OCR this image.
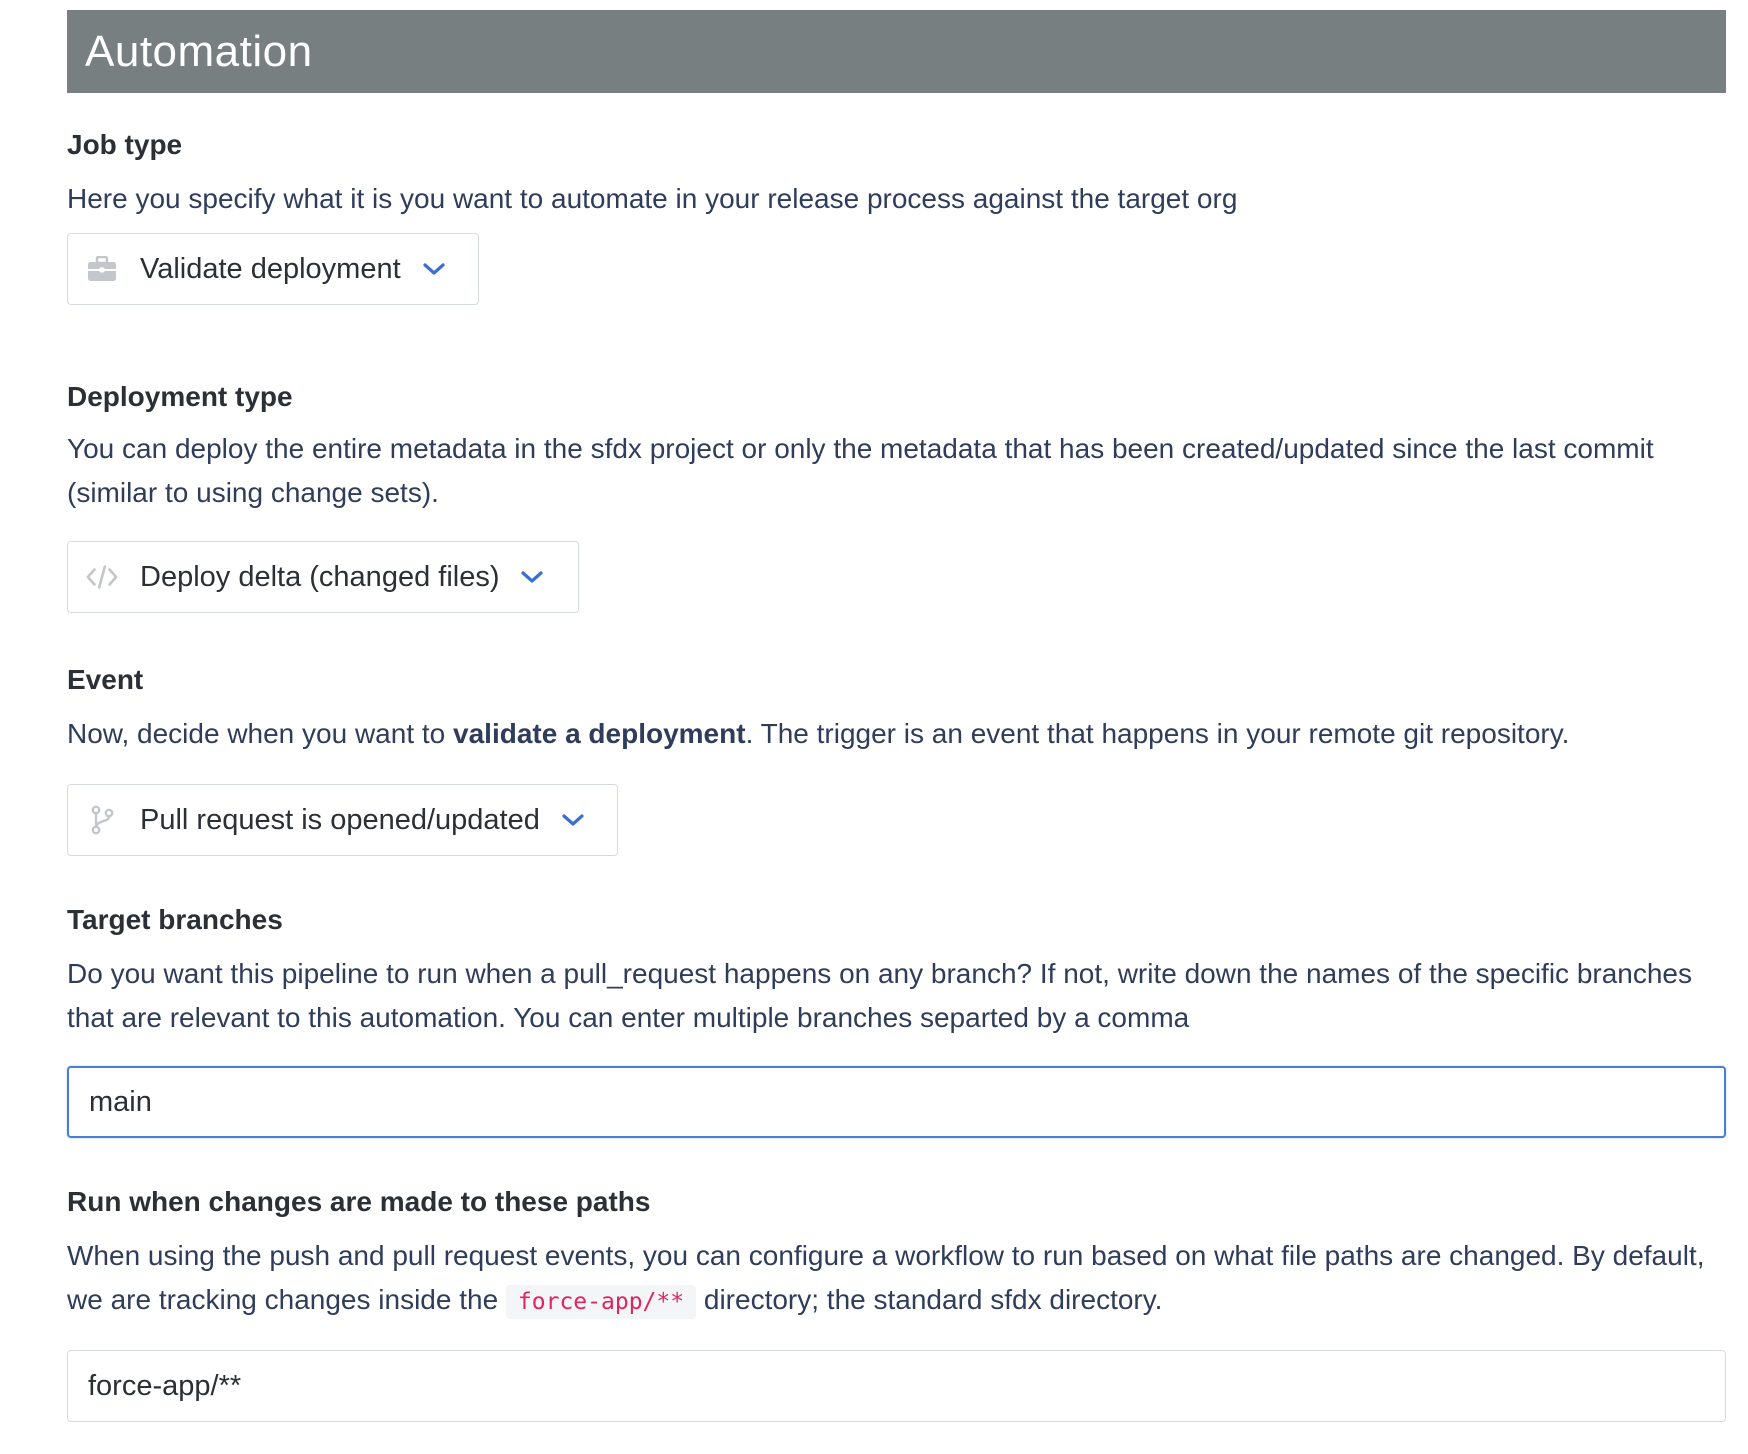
Automation
Job type

Here you specify what it is you want to automate in your release process against the target org

Validate deployment
Deployment type

You can deploy the entire metadata in the sfdx project or only the metadata that has been created/updated since the last commit (similar to using change sets).

Deploy delta (changed files)
Event

Now, decide when you want to validate a deployment. The trigger is an event that happens in your remote git repository.

Pull request is opened/updated
Target branches

Do you want this pipeline to run when a pull_request happens on any branch? If not, write down the names of the specific branches that are relevant to this automation. You can enter multiple branches separted by a comma

main
Run when changes are made to these paths

When using the push and pull request events, you can configure a workflow to run based on what file paths are changed. By default, we are tracking changes inside the force-app/** directory; the standard sfdx directory.

force-app/**
